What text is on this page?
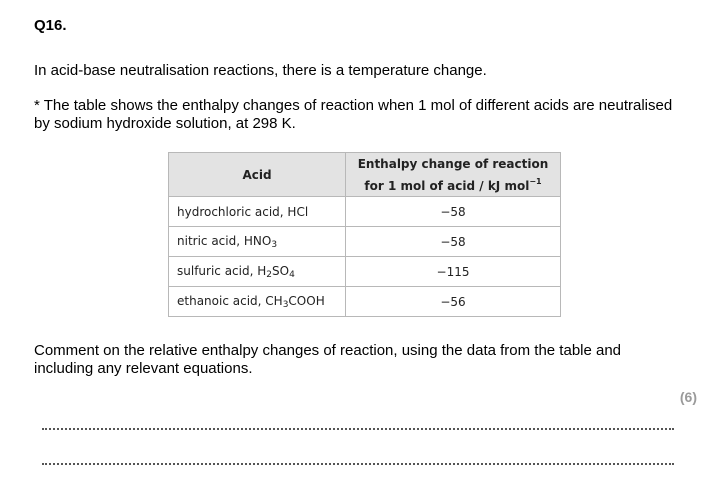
Q16.
In acid-base neutralisation reactions, there is a temperature change.
* The table shows the enthalpy changes of reaction when 1 mol of different acids are neutralised by sodium hydroxide solution, at 298 K.
Acid	Enthalpy change of reaction
for 1 mol of acid / kJ mol$^{-1}$
hydrochloric acid, HCl	−58
nitric acid, $HNO_3$	−58
sulfuric acid, $H_2SO_4$	−115
ethanoic acid, $CH_3COOH$	−56
Comment on the relative enthalpy changes of reaction, using the data from the table and including any relevant equations.
(6)
